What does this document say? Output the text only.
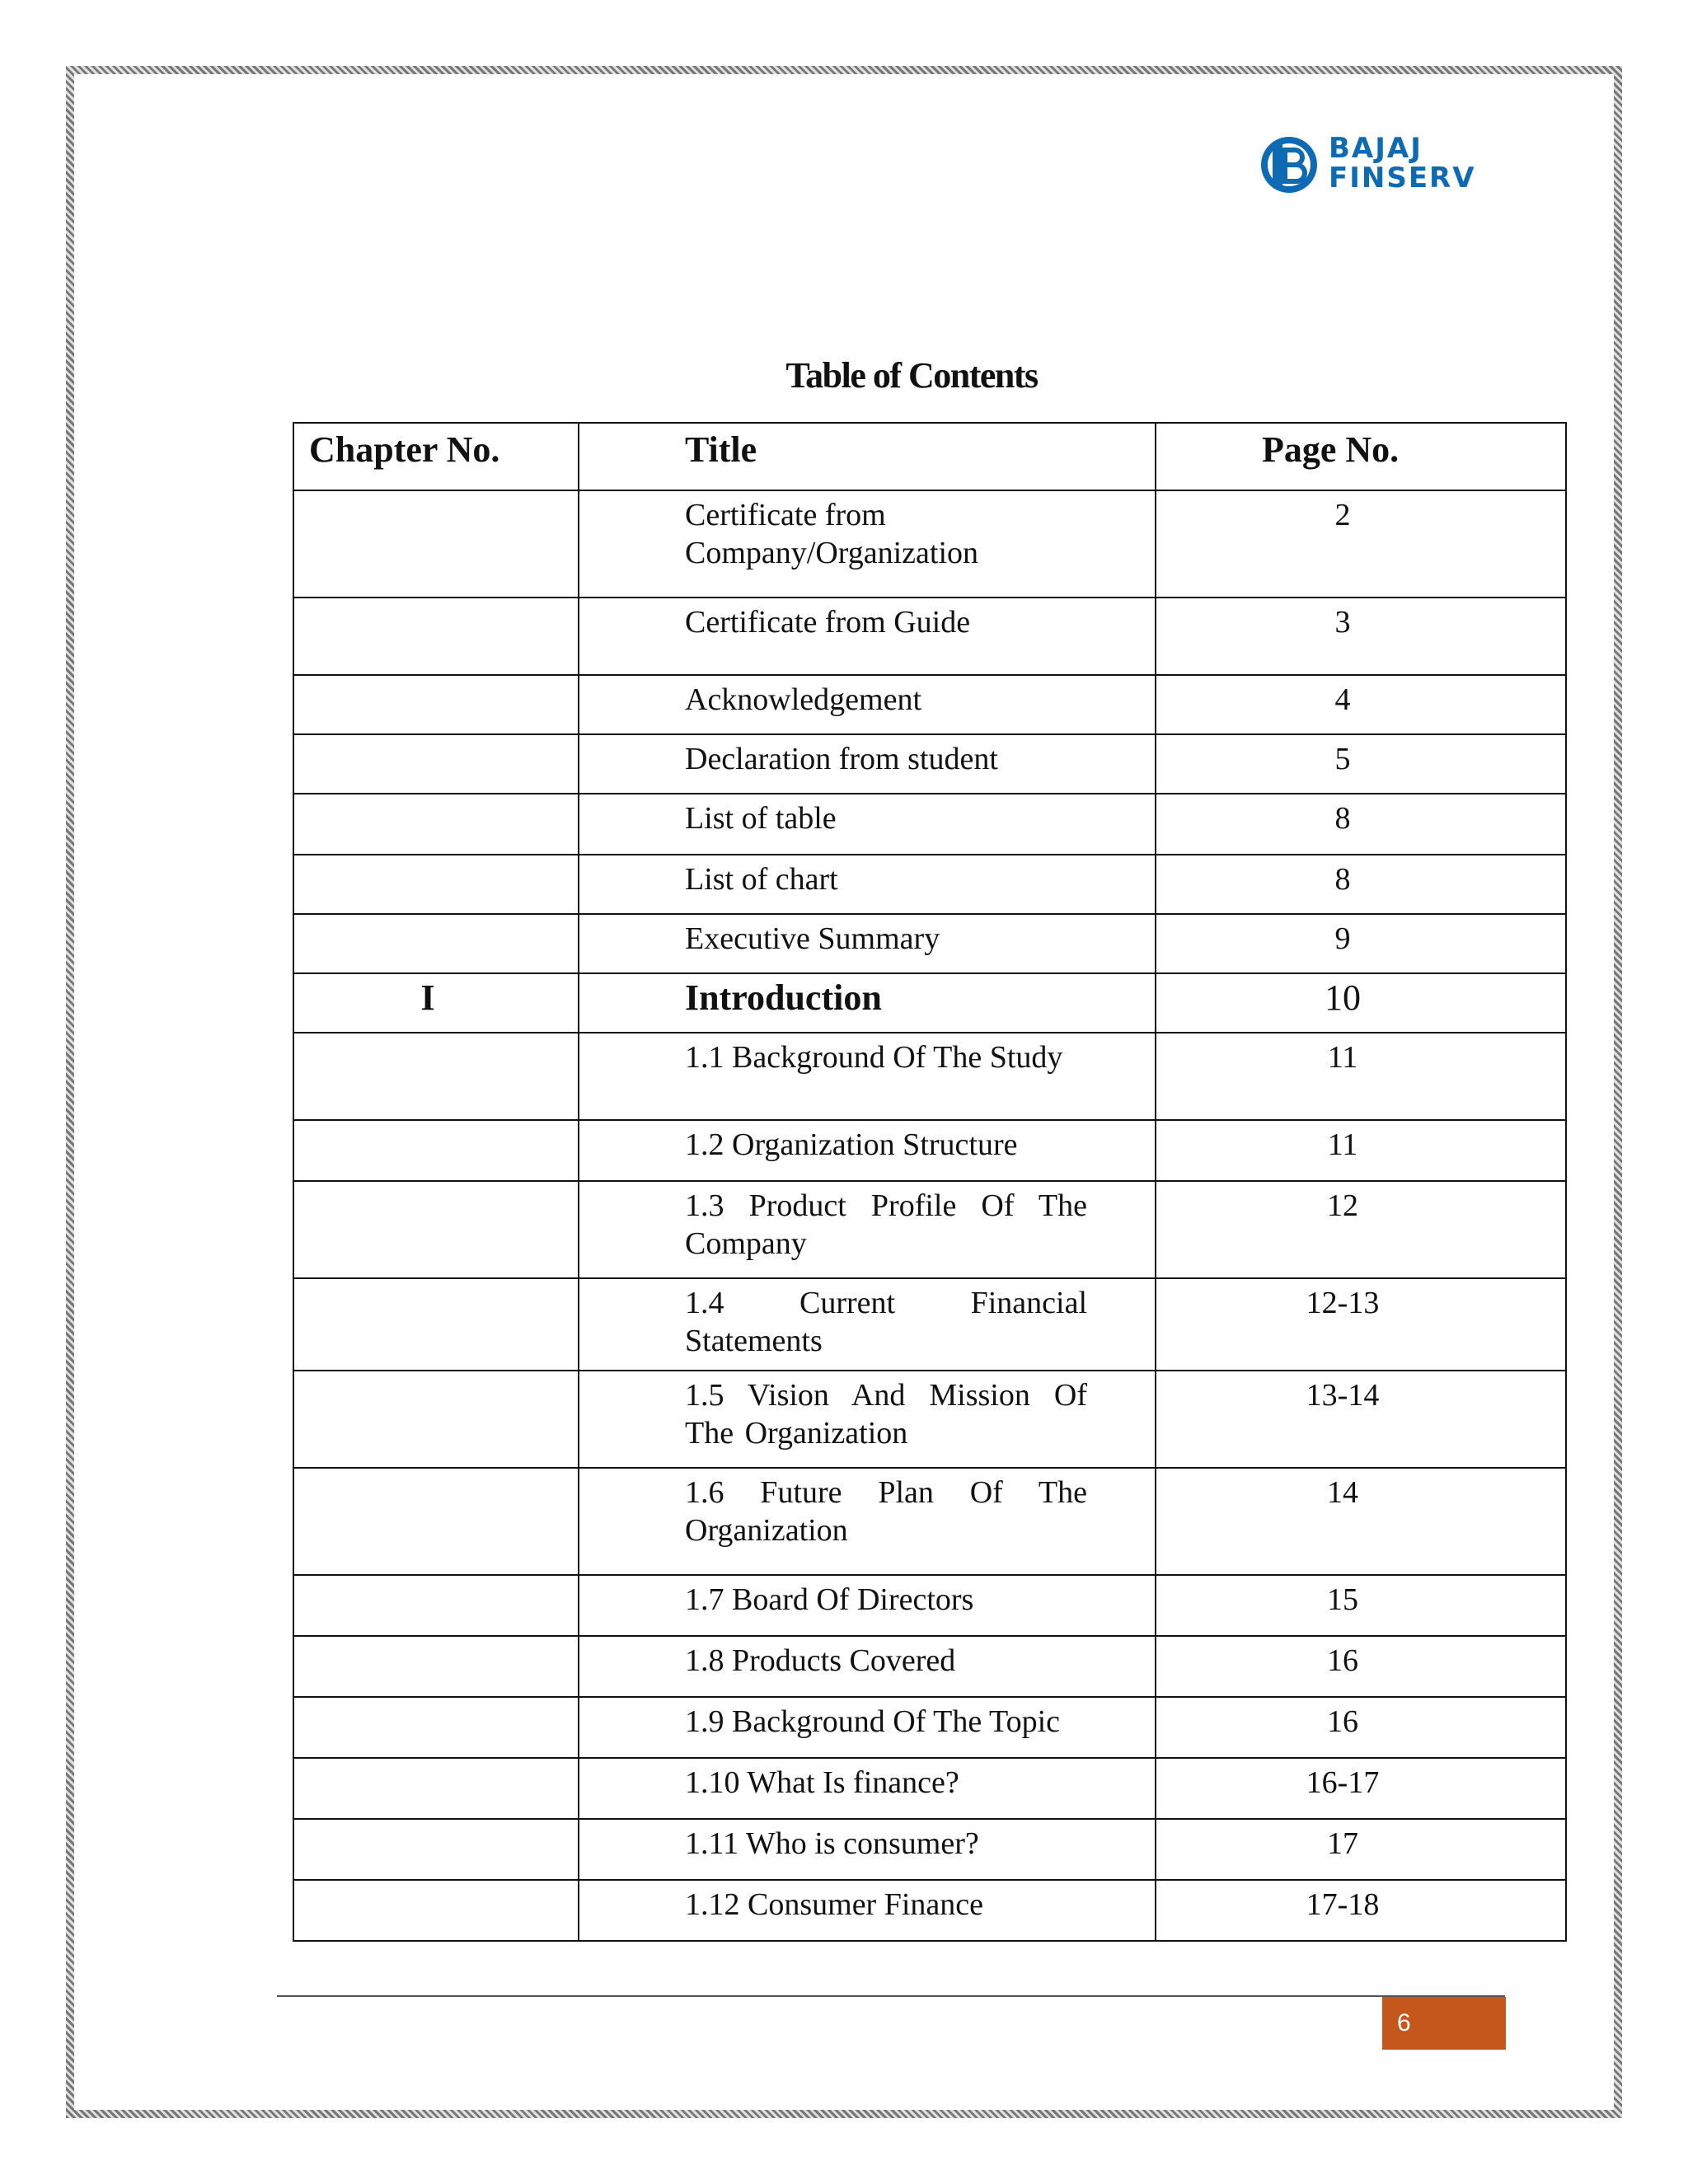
BAJAJ
FINSERV
Table of Contents
Chapter No.	Title	Page No.

	Certificate from Company/Organization	2

	Certificate from Guide	3

	Acknowledgement	4

	Declaration from student	5

	List of table	8

	List of chart	8

	Executive Summary	9

I	Introduction	10

	1.1 Background Of The Study	11

	1.2 Organization Structure	11

	1.3 Product Profile Of The Company	12

	1.4 Current Financial Statements	12-13

	1.5 Vision And Mission Of The Organization	13-14

	1.6 Future Plan Of The Organization	14

	1.7 Board Of Directors	15

	1.8 Products Covered	16

	1.9 Background Of The Topic	16

	1.10 What Is finance?	16-17

	1.11 Who is consumer?	17

	1.12 Consumer Finance	17-18
6
